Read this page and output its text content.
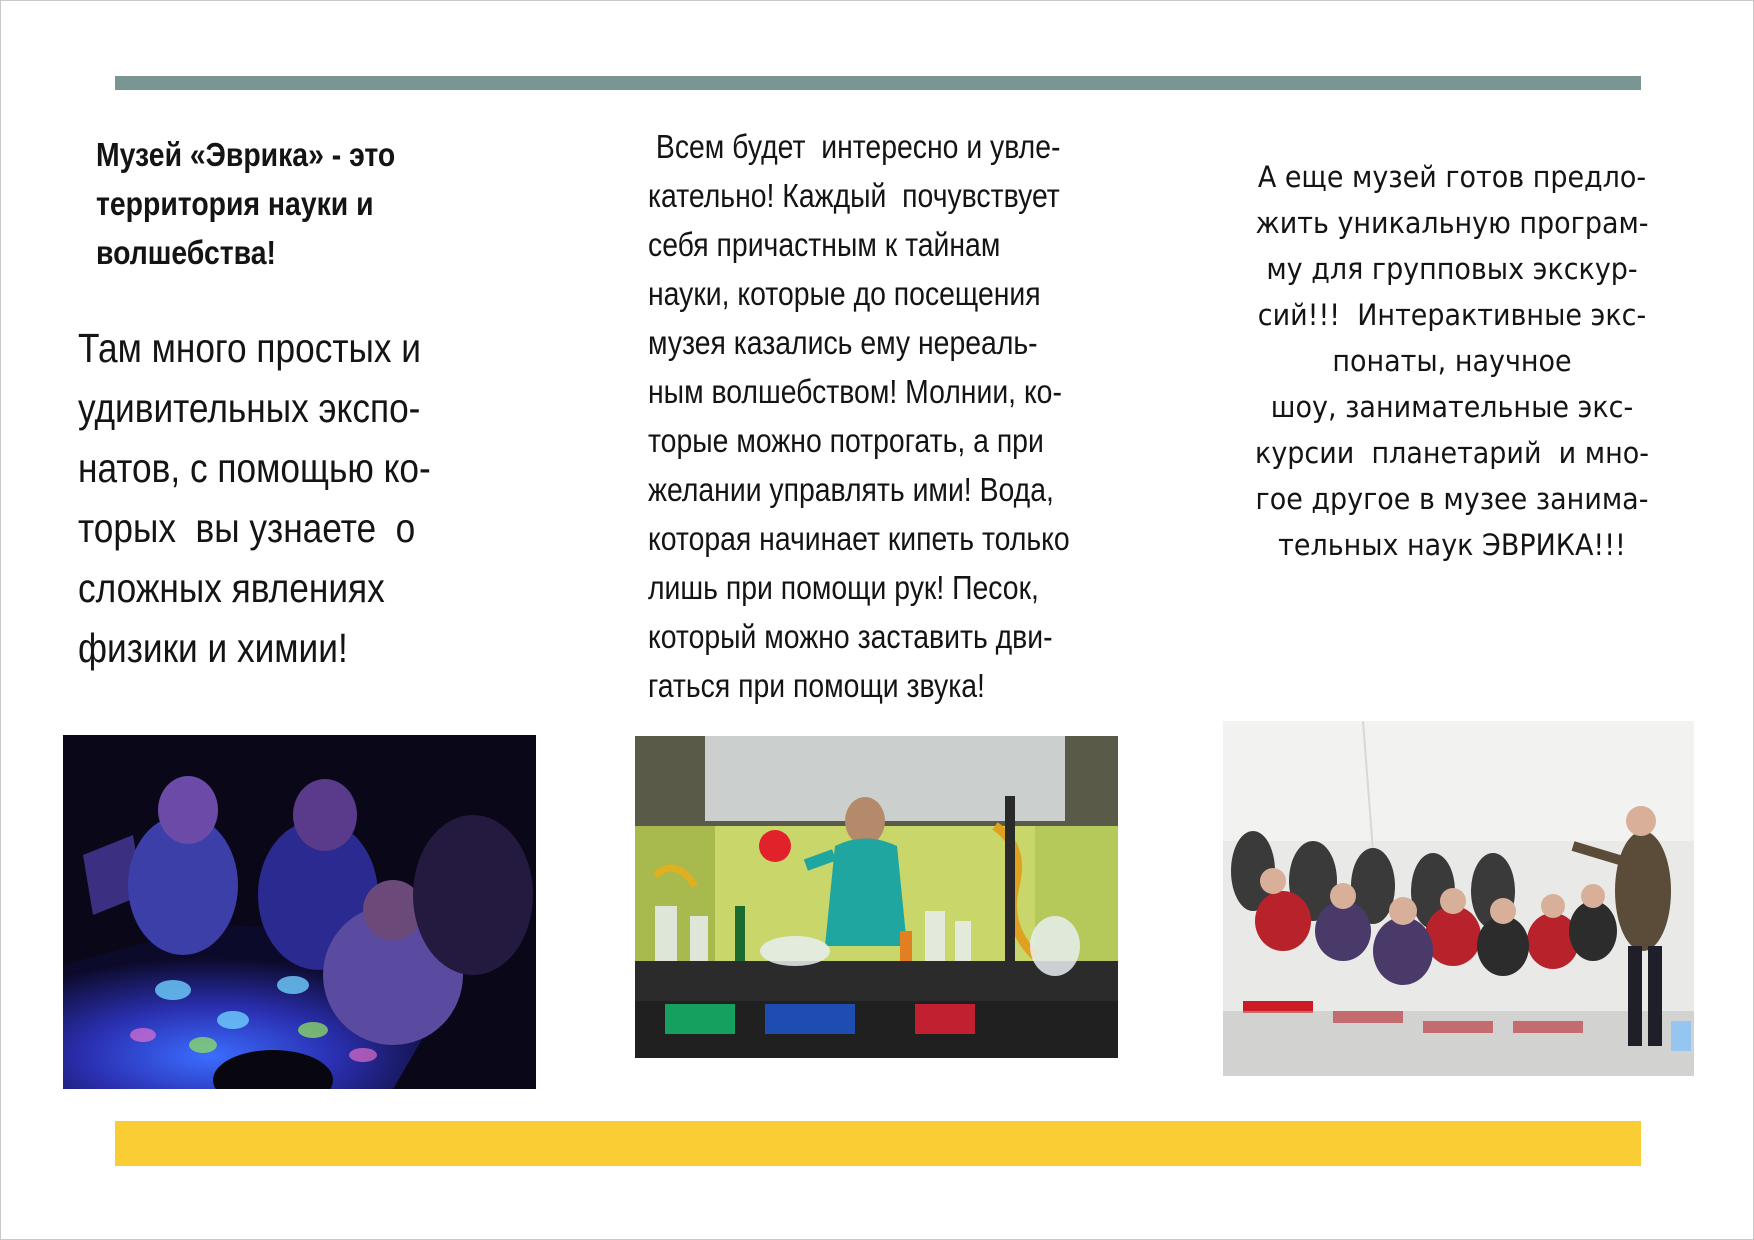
Музей «Эврика» - это
территория науки и
волшебства!
Там много простых и
удивительных экспо-
натов, с помощью ко-
торых  вы узнаете  о
сложных явлениях
физики и химии!
Всем будет  интересно и увле-
кательно! Каждый  почувствует
себя причастным к тайнам
науки, которые до посещения
музея казались ему нереаль-
ным волшебством! Молнии, ко-
торые можно потрогать, а при
желании управлять ими! Вода,
которая начинает кипеть только
лишь при помощи рук! Песок,
который можно заставить дви-
гаться при помощи звука!
А еще музей готов предло-
жить уникальную програм-
му для групповых экскур-
сий!!!  Интерактивные экс-
понаты, научное
шоу, занимательные экс-
курсии  планетарий  и мно-
гое другое в музее занима-
тельных наук ЭВРИКА!!!
